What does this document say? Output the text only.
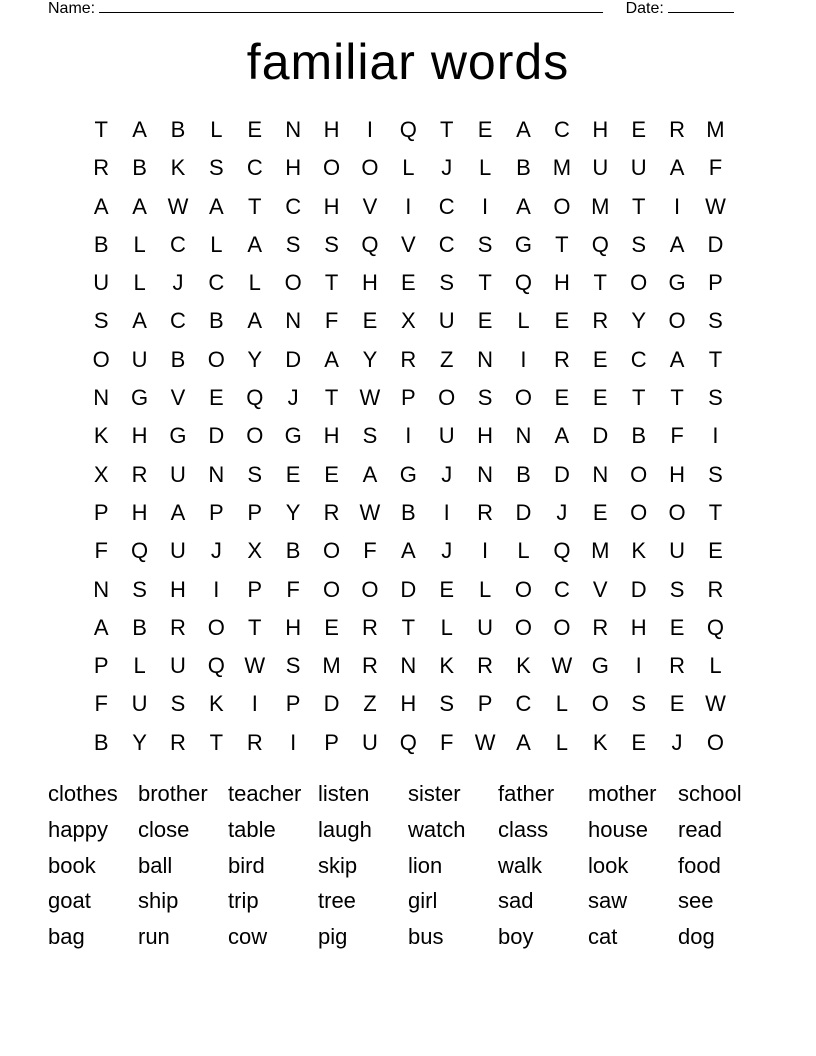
Name:	Date:
familiar words
T	A	B	L	E	N	H	I	Q	T	E	A	C	H	E	R M
R	B	K	S	C	H O O	L	J	L	B M U	U	A	F
A	A W A	T	C	H	V	I	C	I	A	O M	T	I	W
B	L	C	L	A	S	S	Q	V	C	S	G	T	Q	S	A	D
U	L	J	C	L	O	T	H	E	S	T	Q H	T	O G	P
S	A	C	B	A	N	F	E	X	U	E	L	E	R	Y	O	S
O U	B	O	Y	D	A	Y	R	Z	N	I	R	E	C	A	T
N G	V	E	Q	J	T W P	O	S	O	E	E	T	T	S
K	H G D O G H	S	I	U	H	N	A	D	B	F	I
X	R	U	N	S	E	E	A	G	J	N	B	D	N O H	S
P	H	A	P	P	Y	R W B	I	R	D	J	E	O O	T
F	Q U	J	X	B	O	F	A	J	I	L	Q M K	U	E
N	S	H	I	P	F	O O D	E	L	O C	V	D	S	R
A	B	R O	T	H	E	R	T	L	U O O R	H	E	Q
P	L	U Q W S M R	N	K	R	K W G	I	R	L
F	U	S	K	I	P	D	Z	H	S	P	C	L	O	S	E W
B	Y	R	T	R	I	P	U Q	F W A	L	K	E	J	O
clothes brother teacher listen	sister	father	mother school
happy	close	table	laugh	watch	class	house	read
book	ball	bird	skip	lion	walk	look	food
goat	ship	trip	tree	girl	sad	saw	see
bag	run	cow	pig	bus	boy	cat	dog
